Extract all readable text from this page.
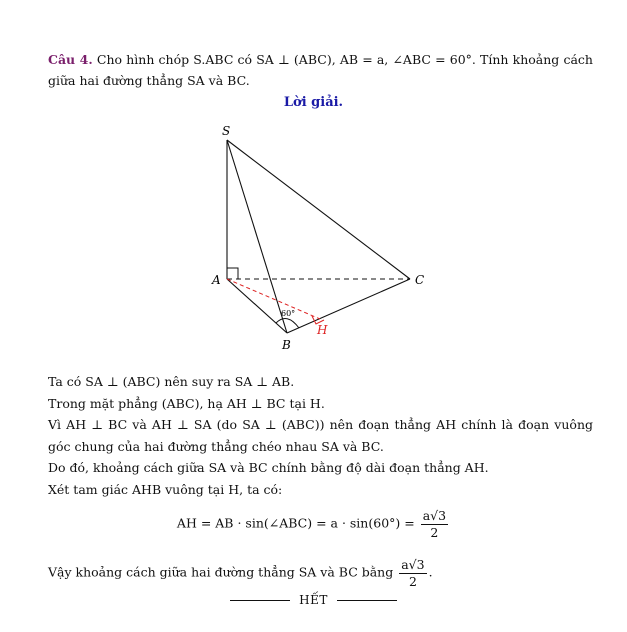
Câu 4. Cho hình chóp S.ABC có SA ⊥ (ABC), AB = a, ∠ABC = 60°. Tính khoảng cách giữa hai đường thẳng SA và BC.
Lời giải.
S
A
B
C
H
60°

Ta có SA ⊥ (ABC) nên suy ra SA ⊥ AB.

Trong mặt phẳng (ABC), hạ AH ⊥ BC tại H.

Vì AH ⊥ BC và AH ⊥ SA (do SA ⊥ (ABC)) nên đoạn thẳng AH chính là đoạn vuông góc chung của hai đường thẳng chéo nhau SA và BC.

Do đó, khoảng cách giữa SA và BC chính bằng độ dài đoạn thẳng AH.

Xét tam giác AHB vuông tại H, ta có:

AH = AB · sin(∠ABC) = $a \cdot \sin(60^\circ) = \frac{a√3}{2}$
Vậy khoảng cách giữa hai đường thẳng SA và BC bằng $\frac{a√3}{2}$ .
HẾT
